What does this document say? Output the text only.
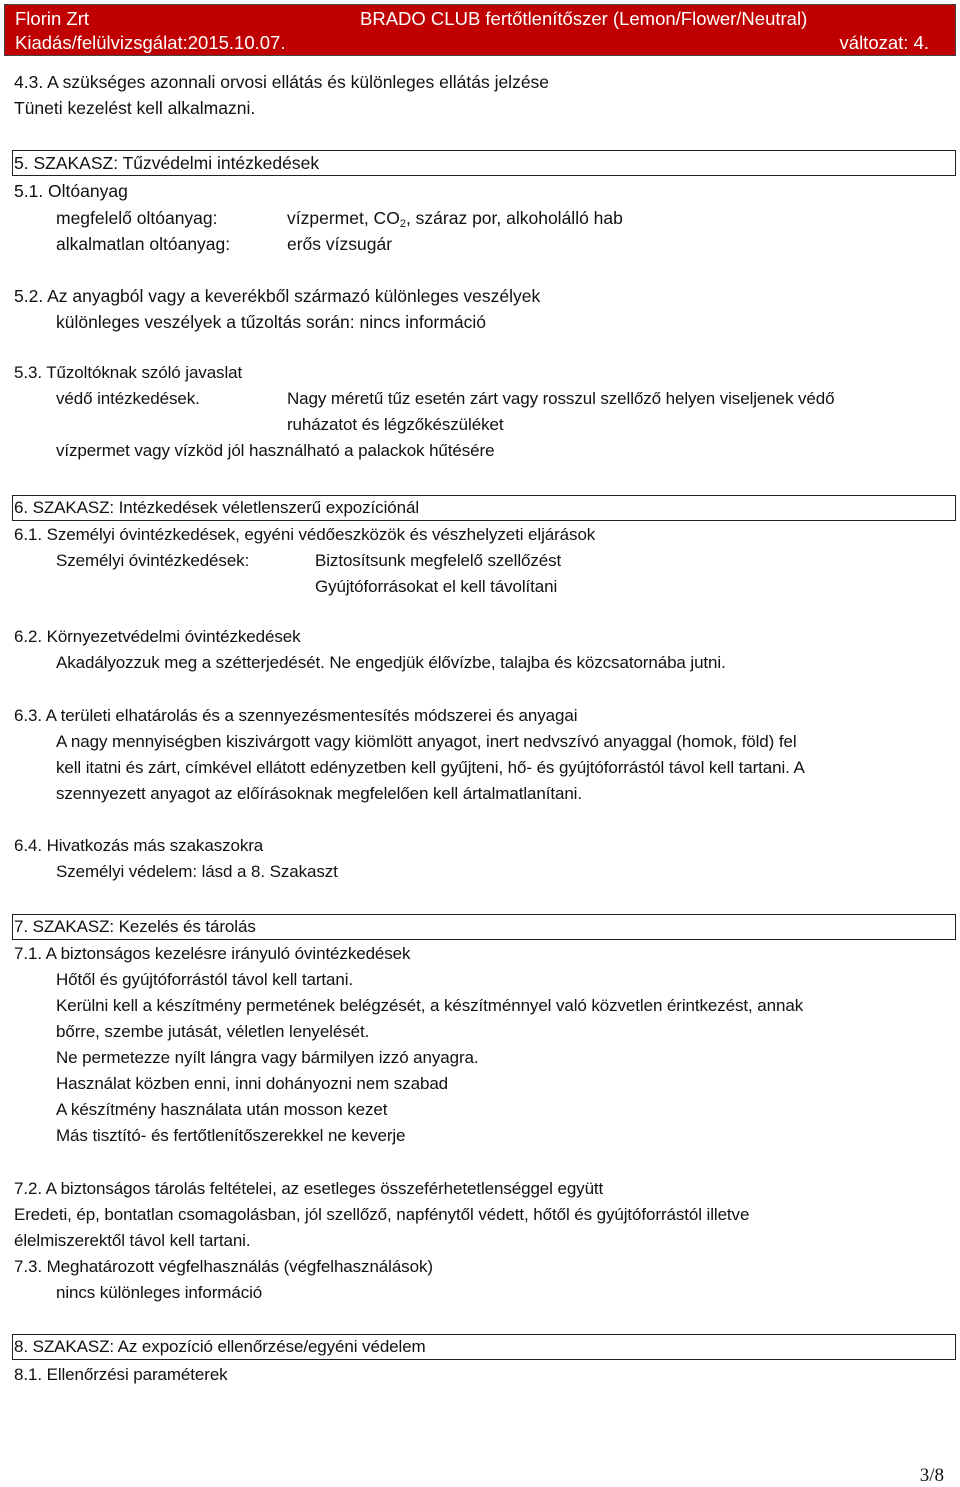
Florin Zrt	BRADO CLUB fertőtlenítőszer (Lemon/Flower/Neutral)
Kiadás/felülvizsgálat:2015.10.07.	változat: 4.
4.3. A szükséges azonnali orvosi ellátás és különleges ellátás jelzése
Tüneti kezelést kell alkalmazni.
5. SZAKASZ: Tűzvédelmi intézkedések
5.1. Oltóanyag
megfelelő oltóanyag:	vízpermet, $CO_2$, száraz por, alkoholálló hab
alkalmatlan oltóanyag:	erős vízsugár
5.2. Az anyagból vagy a keverékből származó különleges veszélyek
különleges veszélyek a tűzoltás során: nincs információ
5.3. Tűzoltóknak szóló javaslat
védő intézkedések.	Nagy méretű tűz esetén zárt vagy rosszul szellőző helyen viseljenek védő
ruházatot és légzőkészüléket
vízpermet vagy vízköd jól használható a palackok hűtésére
6. SZAKASZ: Intézkedések véletlenszerű expozíciónál
6.1. Személyi óvintézkedések, egyéni védőeszközök és vészhelyzeti eljárások
Személyi óvintézkedések:	Biztosítsunk megfelelő szellőzést
Gyújtóforrásokat el kell távolítani
6.2. Környezetvédelmi óvintézkedések
Akadályozzuk meg a szétterjedését. Ne engedjük élővízbe, talajba és közcsatornába jutni.
6.3. A területi elhatárolás és a szennyezésmentesítés módszerei és anyagai
A nagy mennyiségben kiszivárgott vagy kiömlött anyagot, inert nedvszívó anyaggal (homok, föld) fel
kell itatni és zárt, címkével ellátott edényzetben kell gyűjteni, hő- és gyújtóforrástól távol kell tartani. A
szennyezett anyagot az előírásoknak megfelelően kell ártalmatlanítani.
6.4. Hivatkozás más szakaszokra
Személyi védelem: lásd a 8. Szakaszt
7. SZAKASZ: Kezelés és tárolás
7.1. A biztonságos kezelésre irányuló óvintézkedések
Hőtől és gyújtóforrástól távol kell tartani.
Kerülni kell a készítmény permetének belégzését, a készítménnyel való közvetlen érintkezést, annak
bőrre, szembe jutását, véletlen lenyelését.
Ne permetezze nyílt lángra vagy bármilyen izzó anyagra.
Használat közben enni, inni dohányozni nem szabad
A készítmény használata után mosson kezet
Más tisztító- és fertőtlenítőszerekkel ne keverje
7.2. A biztonságos tárolás feltételei, az esetleges összeférhetetlenséggel együtt
Eredeti, ép, bontatlan csomagolásban, jól szellőző, napfénytől védett, hőtől és gyújtóforrástól illetve
élelmiszerektől távol kell tartani.
7.3. Meghatározott végfelhasználás (végfelhasználások)
nincs különleges információ
8. SZAKASZ: Az expozíció ellenőrzése/egyéni védelem
8.1. Ellenőrzési paraméterek
3/8
